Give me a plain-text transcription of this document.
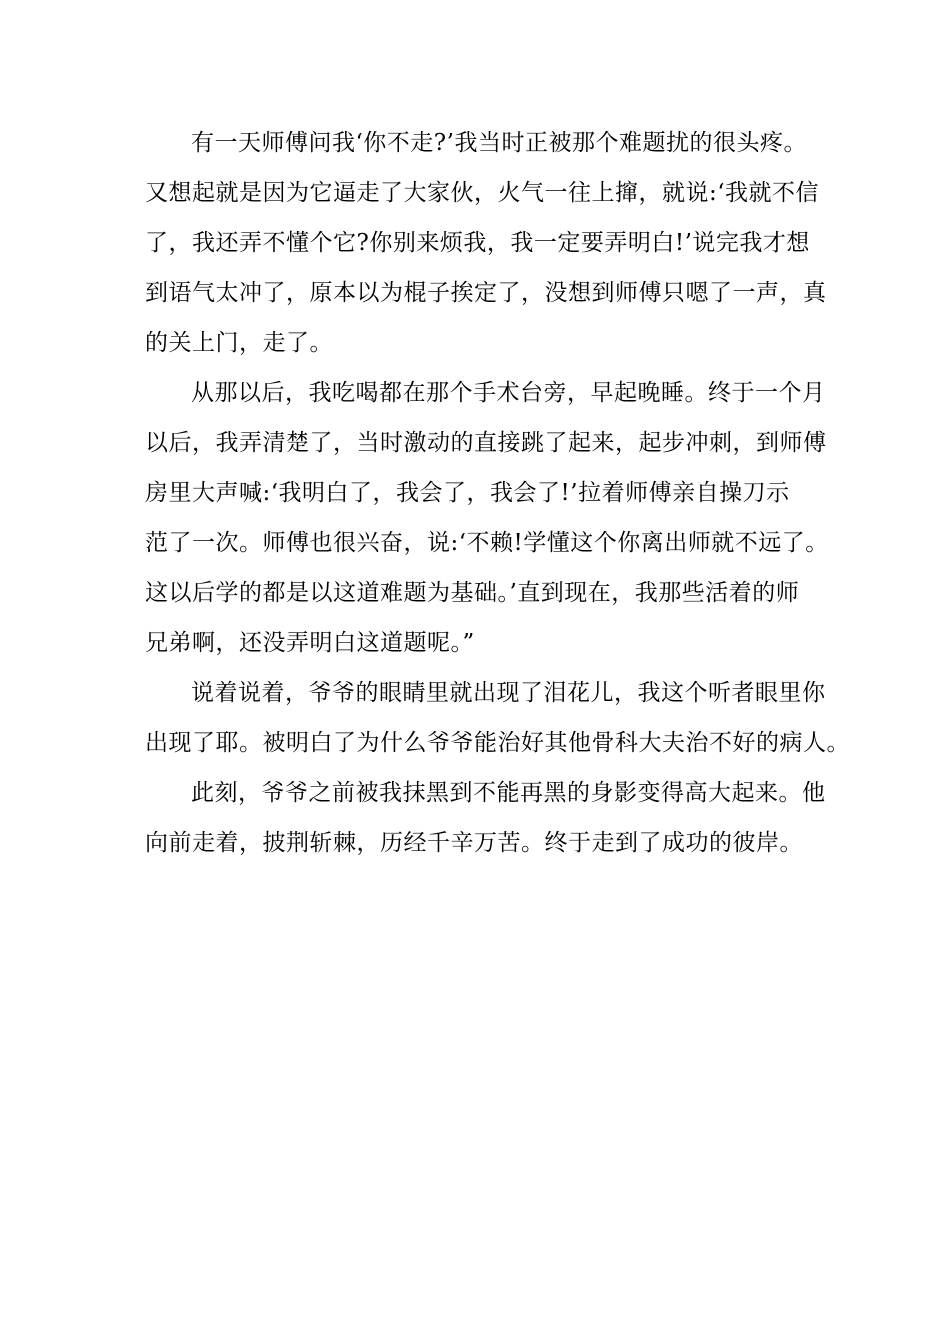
有一天师傅问我‘你不走?’我当时正被那个难题扰的很头疼。
又想起就是因为它逼走了大家伙，火气一往上撺，就说:‘我就不信
了，我还弄不懂个它?你别来烦我，我一定要弄明白!’说完我才想
到语气太冲了，原本以为棍子挨定了，没想到师傅只嗯了一声，真
的关上门，走了。
从那以后，我吃喝都在那个手术台旁，早起晚睡。终于一个月
以后，我弄清楚了，当时激动的直接跳了起来，起步冲刺，到师傅
房里大声喊:‘我明白了，我会了，我会了!’拉着师傅亲自操刀示
范了一次。师傅也很兴奋，说:‘不赖!学懂这个你离出师就不远了。
这以后学的都是以这道难题为基础。’直到现在，我那些活着的师
兄弟啊，还没弄明白这道题呢。”
说着说着，爷爷的眼睛里就出现了泪花儿，我这个听者眼里你
出现了耶。被明白了为什么爷爷能治好其他骨科大夫治不好的病人。
此刻，爷爷之前被我抹黑到不能再黑的身影变得高大起来。他
向前走着，披荆斩棘，历经千辛万苦。终于走到了成功的彼岸。
